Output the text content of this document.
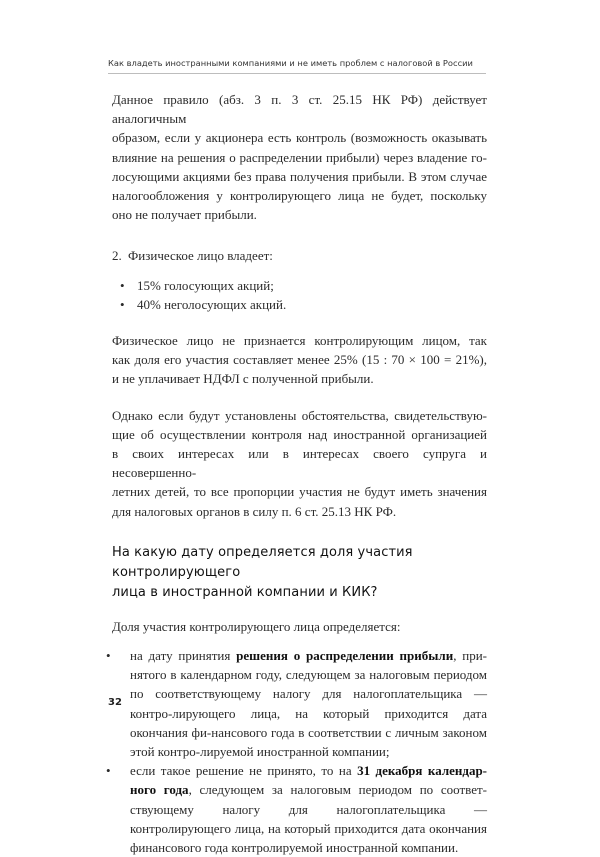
Как владеть иностранными компаниями и не иметь проблем с налоговой в России

Данное правило (абз. 3 п. 3 ст. 25.15 НК РФ) действует аналогичным
образом, если у акционера есть контроль (возможность оказывать
влияние на решения о распределении прибыли) через владение го-
лосующими акциями без права получения прибыли. В этом случае
налогообложения у контролирующего лица не будет, поскольку
оно не получает прибыли.

2. Физическое лицо владеет:
• 15% голосующих акций;
• 40% неголосующих акций.

Физическое лицо не признается контролирующим лицом, так
как доля его участия составляет менее 25% (15 : 70 × 100 = 21%),
и не уплачивает НДФЛ с полученной прибыли.

Однако если будут установлены обстоятельства, свидетельствую-
щие об осуществлении контроля над иностранной организацией
в своих интересах или в интересах своего супруга и несовершенно-
летних детей, то все пропорции участия не будут иметь значения
для налоговых органов в силу п. 6 ст. 25.13 НК РФ.

На какую дату определяется доля участия контролирующего
лица в иностранной компании и КИК?

Доля участия контролирующего лица определяется:

•	на дату принятия решения о распределении прибыли, при-нятого в календарном году, следующем за налоговым периодом по соответствующему налогу для налогоплательщика — контро-лирующего лица, на который приходится дата окончания фи-нансового года в соответствии с личным законом этой контро-лируемой иностранной компании;
•	если такое решение не принято, то на 31 декабря календар-ного года, следующем за налоговым периодом по соответ-ствующему налогу для налогоплательщика — контролирующего лица, на который приходится дата окончания финансового года контролируемой иностранной компании.
32
